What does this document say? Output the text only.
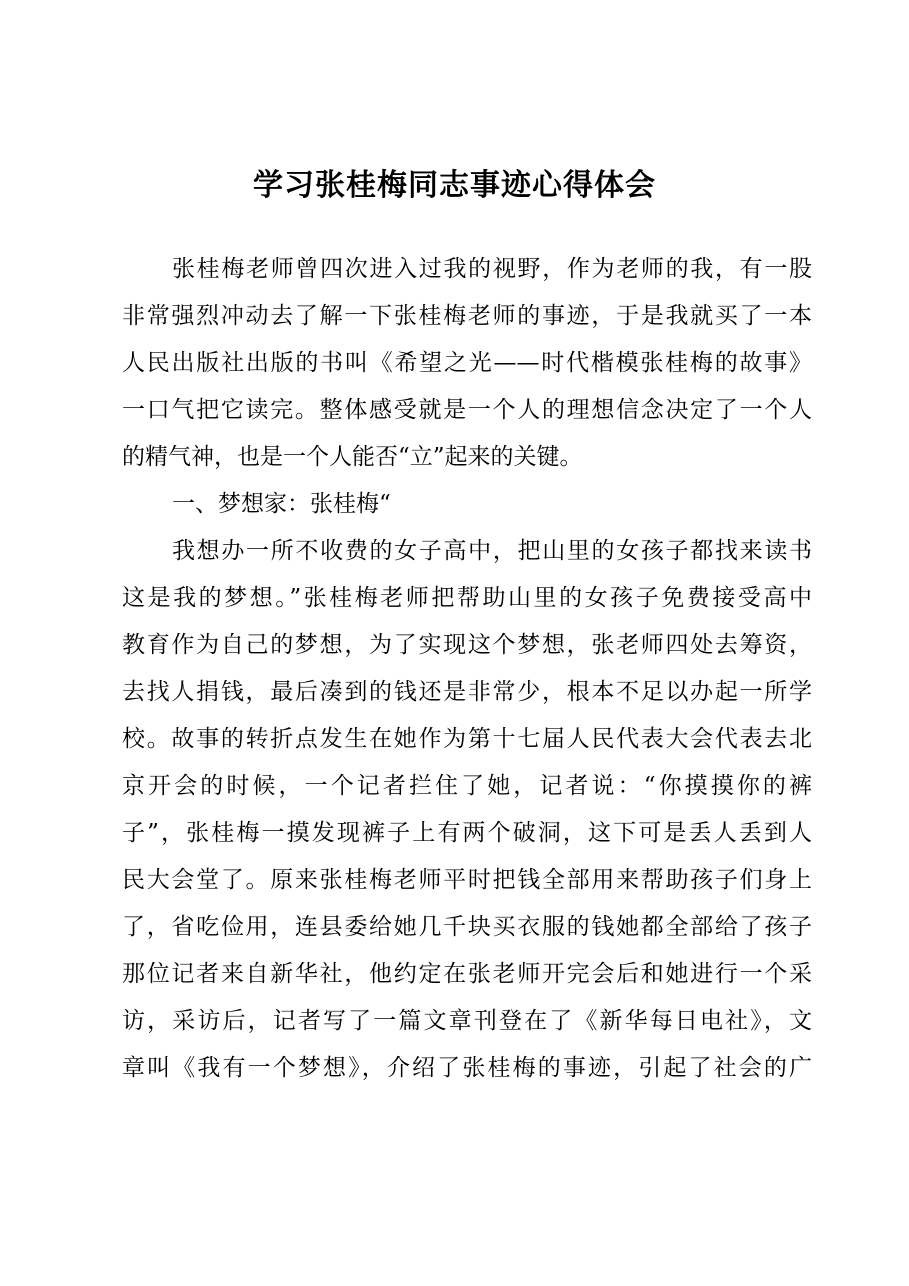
学习张桂梅同志事迹心得体会
张桂梅老师曾四次进入过我的视野，作为老师的我，有一股
非常强烈冲动去了解一下张桂梅老师的事迹，于是我就买了一本
人民出版社出版的书叫《希望之光——时代楷模张桂梅的故事》
一口气把它读完。整体感受就是一个人的理想信念决定了一个人
的精气神，也是一个人能否“立”起来的关键。
一、梦想家：张桂梅“
我想办一所不收费的女子高中，把山里的女孩子都找来读书
这是我的梦想。”张桂梅老师把帮助山里的女孩子免费接受高中
教育作为自己的梦想，为了实现这个梦想，张老师四处去筹资，
去找人捐钱，最后凑到的钱还是非常少，根本不足以办起一所学
校。故事的转折点发生在她作为第十七届人民代表大会代表去北
京开会的时候，一个记者拦住了她，记者说：“你摸摸你的裤
子”，张桂梅一摸发现裤子上有两个破洞，这下可是丢人丢到人
民大会堂了。原来张桂梅老师平时把钱全部用来帮助孩子们身上
了，省吃俭用，连县委给她几千块买衣服的钱她都全部给了孩子
那位记者来自新华社，他约定在张老师开完会后和她进行一个采
访，采访后，记者写了一篇文章刊登在了《新华每日电社》，文
章叫《我有一个梦想》，介绍了张桂梅的事迹，引起了社会的广
